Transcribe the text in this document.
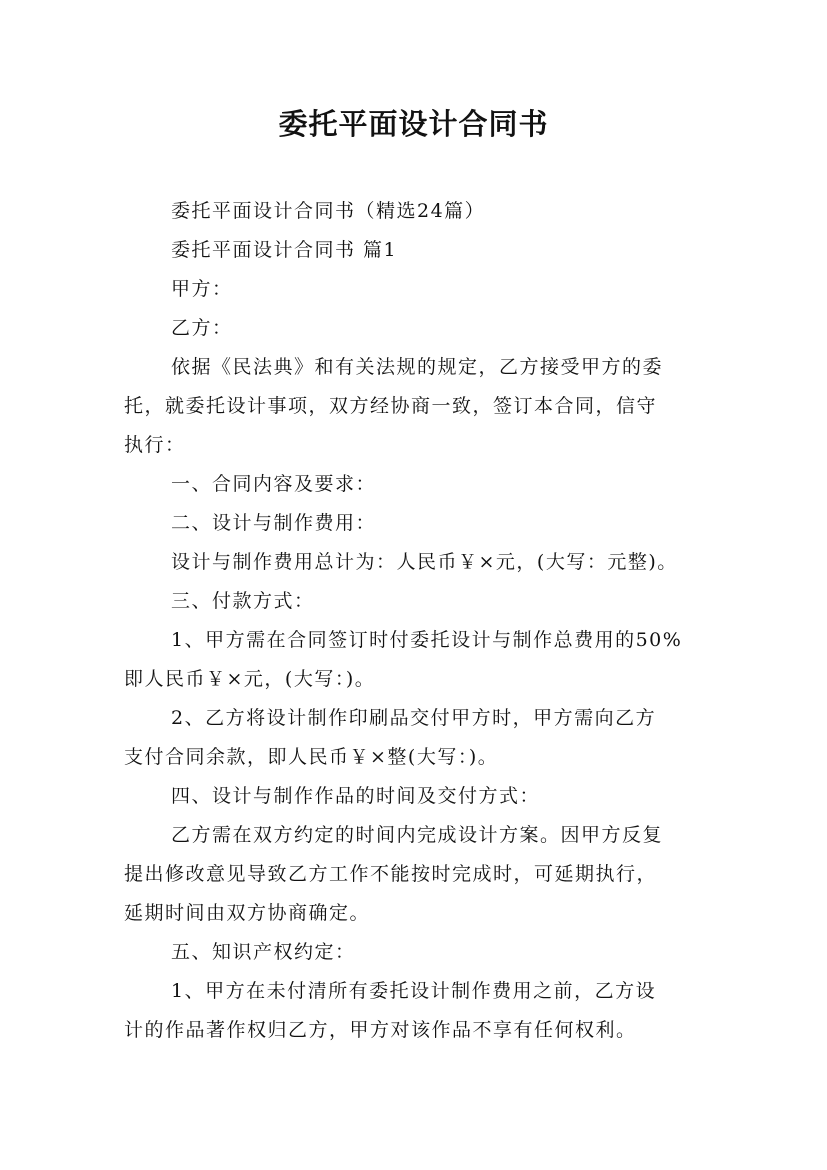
委托平面设计合同书
委托平面设计合同书（精选24篇）
委托平面设计合同书 篇1
甲方：
乙方：
依据《民法典》和有关法规的规定，乙方接受甲方的委
托，就委托设计事项，双方经协商一致，签订本合同，信守
执行：
一、合同内容及要求：
二、设计与制作费用：
设计与制作费用总计为：人民币￥×元，(大写：元整)。
三、付款方式：
1、甲方需在合同签订时付委托设计与制作总费用的50%
即人民币￥×元，(大写：)。
2、乙方将设计制作印刷品交付甲方时，甲方需向乙方
支付合同余款，即人民币￥×整(大写：)。
四、设计与制作作品的时间及交付方式：
乙方需在双方约定的时间内完成设计方案。因甲方反复
提出修改意见导致乙方工作不能按时完成时，可延期执行，
延期时间由双方协商确定。
五、知识产权约定：
1、甲方在未付清所有委托设计制作费用之前，乙方设
计的作品著作权归乙方，甲方对该作品不享有任何权利。
